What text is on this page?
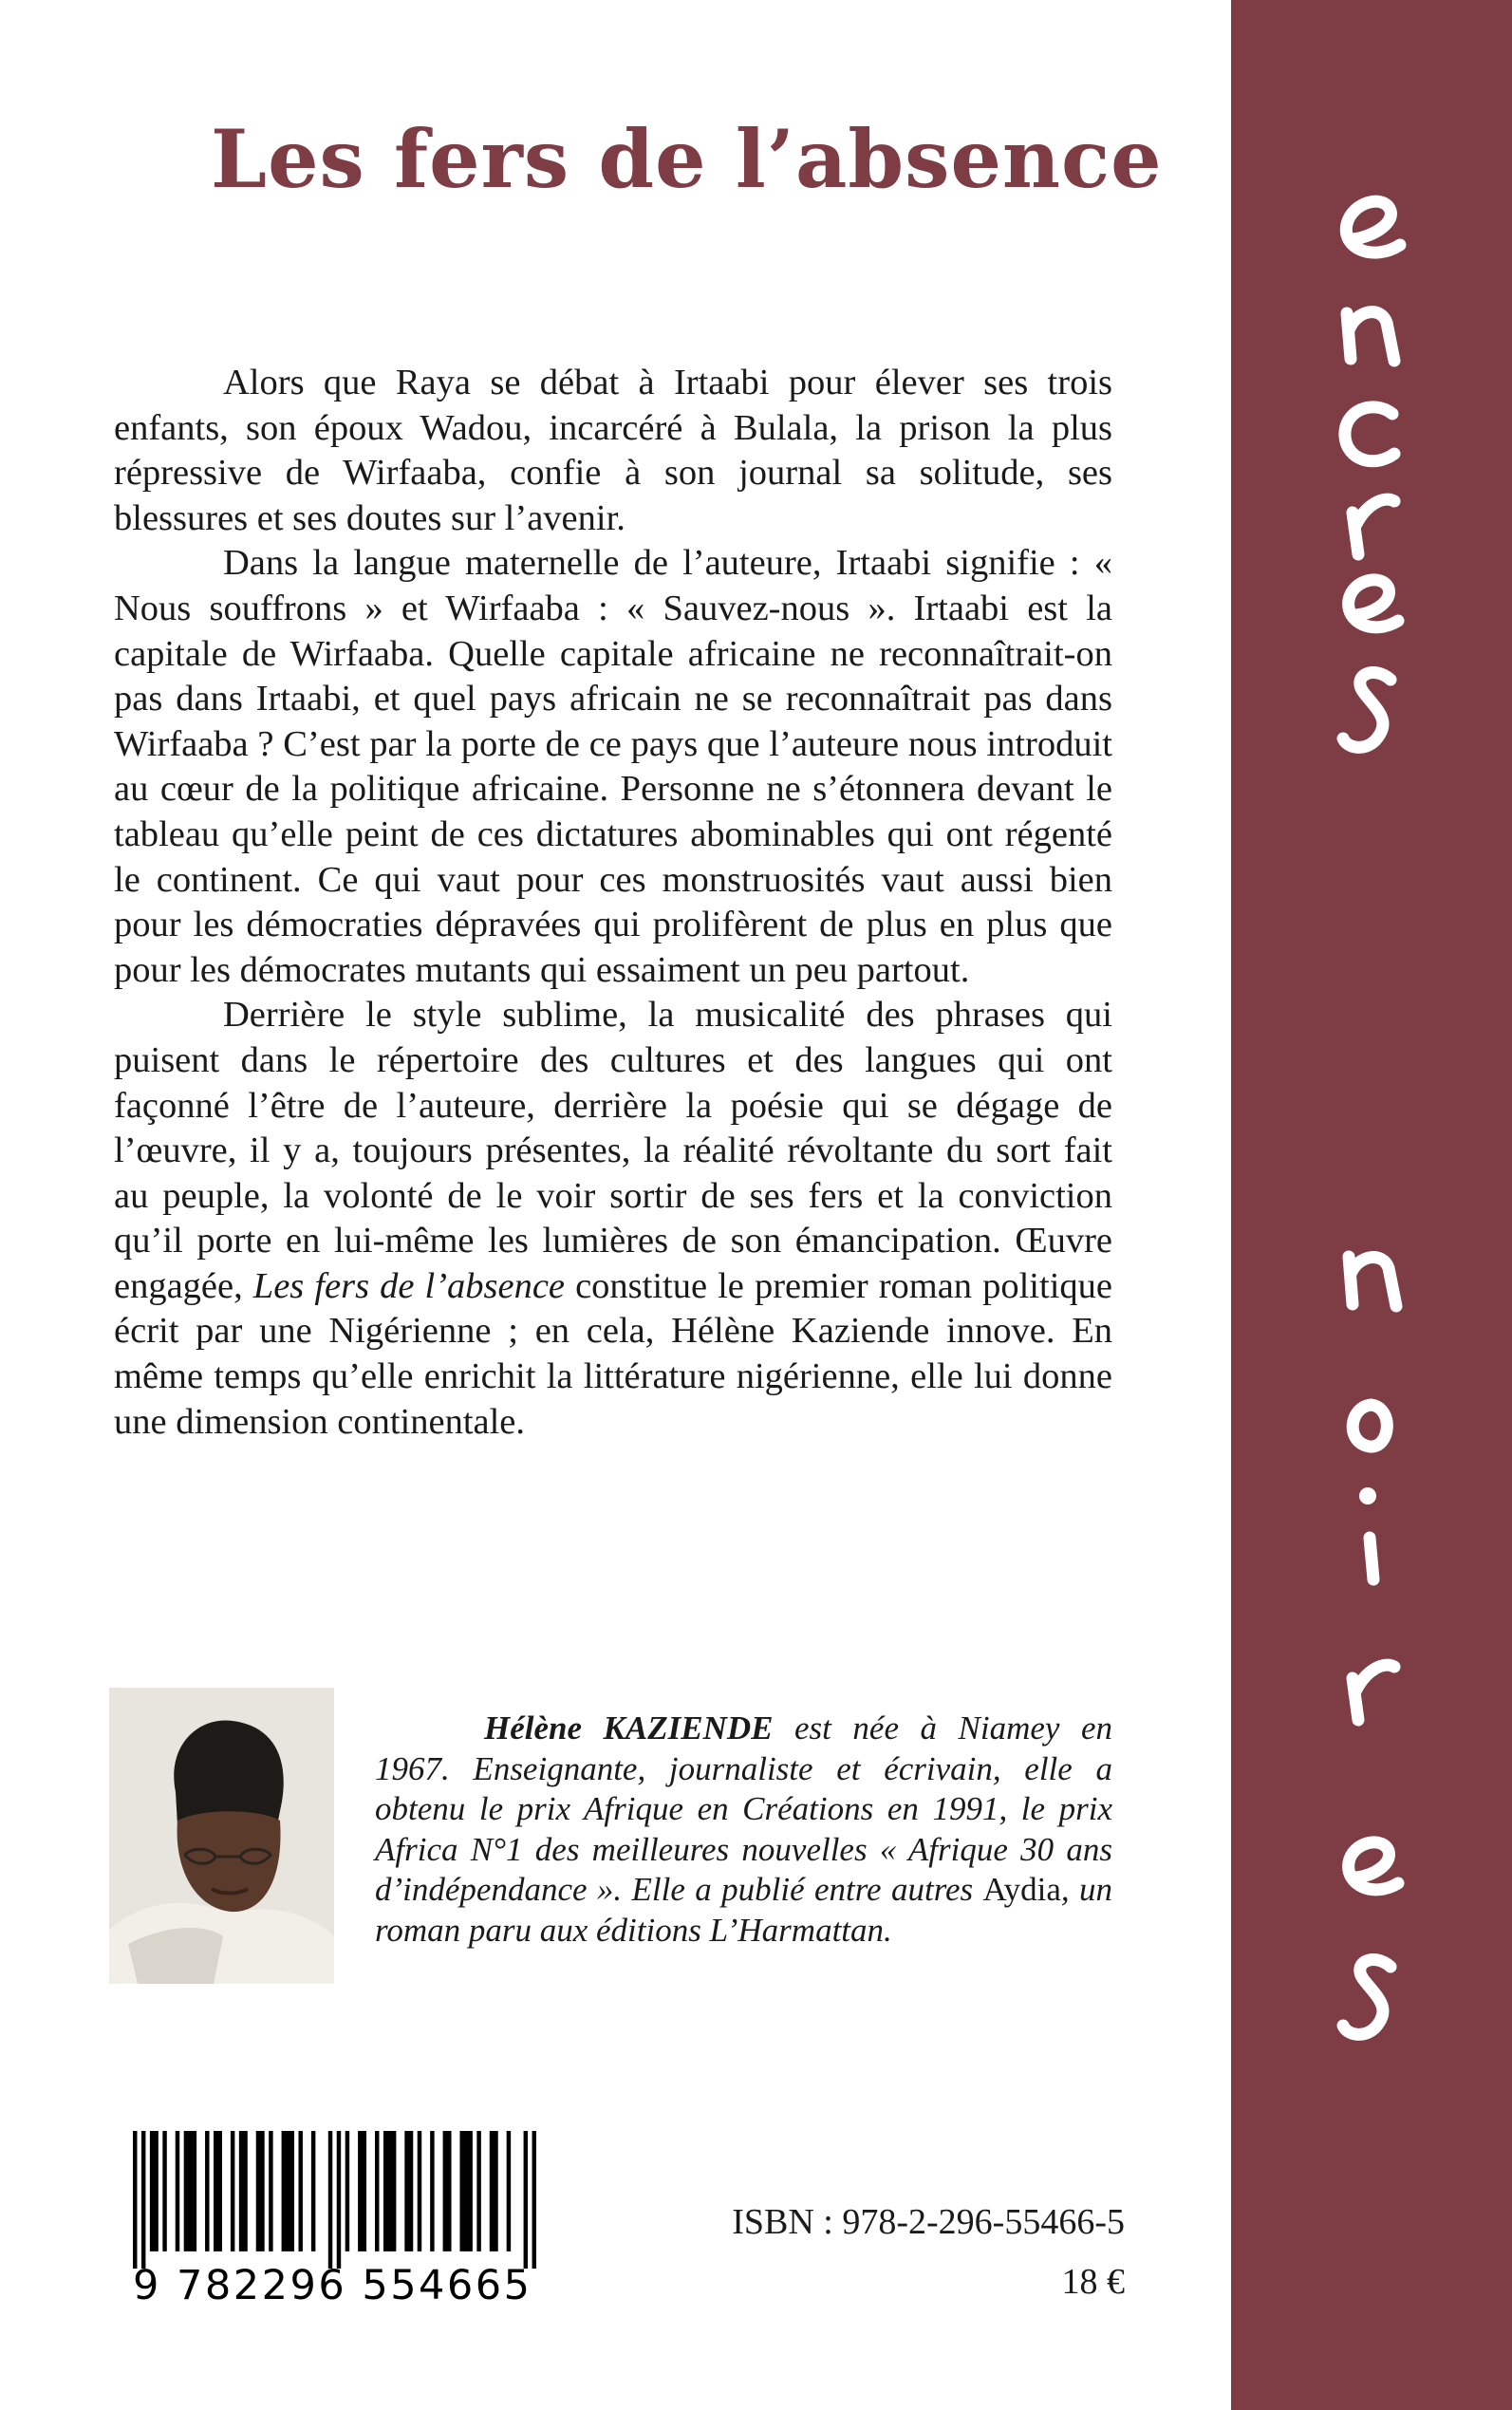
Les fers de l’absence

Alors que Raya se débat à Irtaabi pour élever ses trois enfants, son époux Wadou, incarcéré à Bulala, la prison la plus répressive de Wirfaaba, confie à son journal sa solitude, ses blessures et ses doutes sur l’avenir.

Dans la langue maternelle de l’auteure, Irtaabi signifie : « Nous souffrons » et Wirfaaba : « Sauvez-nous ». Irtaabi est la capitale de Wirfaaba. Quelle capitale africaine ne reconnaîtrait-on pas dans Irtaabi, et quel pays africain ne se reconnaîtrait pas dans Wirfaaba ? C’est par la porte de ce pays que l’auteure nous introduit au cœur de la politique africaine. Personne ne s’étonnera devant le tableau qu’elle peint de ces dictatures abominables qui ont régenté le continent. Ce qui vaut pour ces monstruosités vaut aussi bien pour les démocraties dépravées qui prolifèrent de plus en plus que pour les démocrates mutants qui essaiment un peu partout.

Derrière le style sublime, la musicalité des phrases qui puisent dans le répertoire des cultures et des langues qui ont façonné l’être de l’auteure, derrière la poésie qui se dégage de l’œuvre, il y a, toujours présentes, la réalité révoltante du sort fait au peuple, la volonté de le voir sortir de ses fers et la conviction qu’il porte en lui-même les lumières de son émancipation. Œuvre engagée, Les fers de l’absence constitue le premier roman politique écrit par une Nigérienne ; en cela, Hélène Kaziende innove. En même temps qu’elle enrichit la littérature nigérienne, elle lui donne une dimension continentale.

Hélène KAZIENDE est née à Niamey en 1967. Enseignante, journaliste et écrivain, elle a obtenu le prix Afrique en Créations en 1991, le prix Africa N°1 des meilleures nouvelles « Afrique 30 ans d’indépendance ». Elle a publié entre autres Aydia, un roman paru aux éditions L’Harmattan.

9 782296 554665
ISBN : 978-2-296-55466-5
18 €
